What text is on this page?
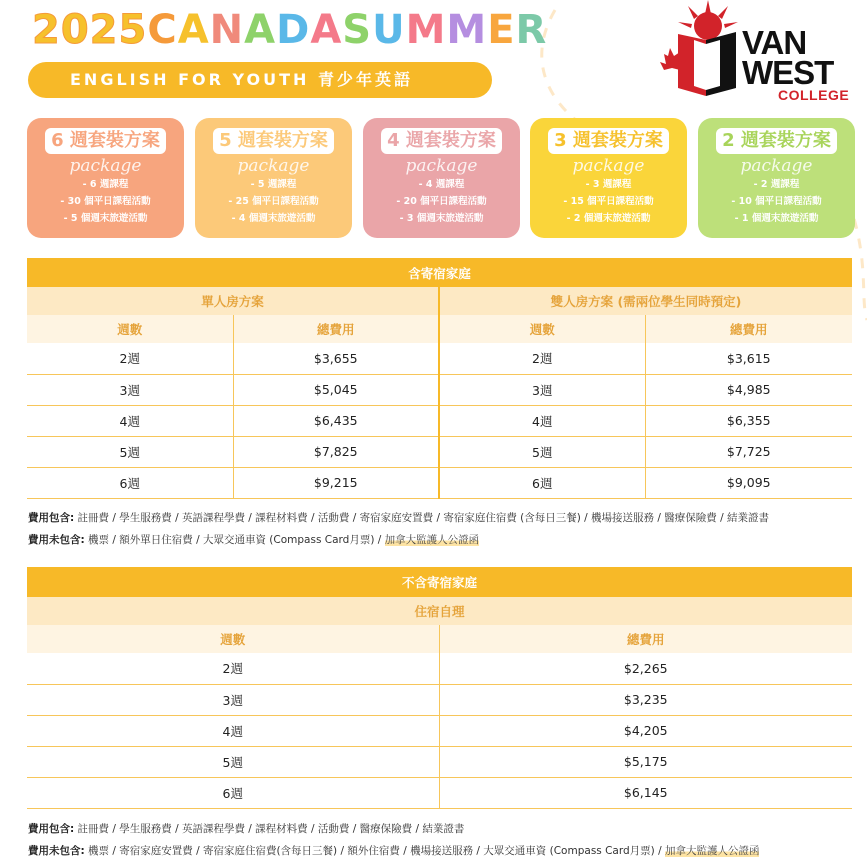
2025CANADASUMMER
ENGLISH FOR YOUTH 青少年英語
VAN
WEST
COLLEGE
6 週套裝方案
package
- 6 週課程
- 30 個平日課程活動
- 5 個週末旅遊活動
5 週套裝方案
package
- 5 週課程
- 25 個平日課程活動
- 4 個週末旅遊活動
4 週套裝方案
package
- 4 週課程
- 20 個平日課程活動
- 3 個週末旅遊活動
3 週套裝方案
package
- 3 週課程
- 15 個平日課程活動
- 2 個週末旅遊活動
2 週套裝方案
package
- 2 週課程
- 10 個平日課程活動
- 1 個週末旅遊活動
含寄宿家庭			
單人房方案		雙人房方案 (需兩位學生同時預定)	
週數	總費用	週數	總費用
2週	$3,655	2週	$3,615
3週	$5,045	3週	$4,985
4週	$6,435	4週	$6,355
5週	$7,825	5週	$7,725
6週	$9,215	6週	$9,095
費用包含: 註冊費 / 學生服務費 / 英語課程學費 / 課程材料費 / 活動費 / 寄宿家庭安置費 / 寄宿家庭住宿費 (含每日三餐) / 機場接送服務 / 醫療保險費 / 結業證書
費用未包含: 機票 / 額外單日住宿費 / 大眾交通車資 (Compass Card月票) / 加拿大監護人公證函
不含寄宿家庭	
住宿自理	
週數	總費用
2週	$2,265
3週	$3,235
4週	$4,205
5週	$5,175
6週	$6,145
費用包含: 註冊費 / 學生服務費 / 英語課程學費 / 課程材料費 / 活動費 / 醫療保險費 / 結業證書
費用未包含: 機票 / 寄宿家庭安置費 / 寄宿家庭住宿費(含每日三餐) / 額外住宿費 / 機場接送服務 / 大眾交通車資 (Compass Card月票) / 加拿大監護人公證函
